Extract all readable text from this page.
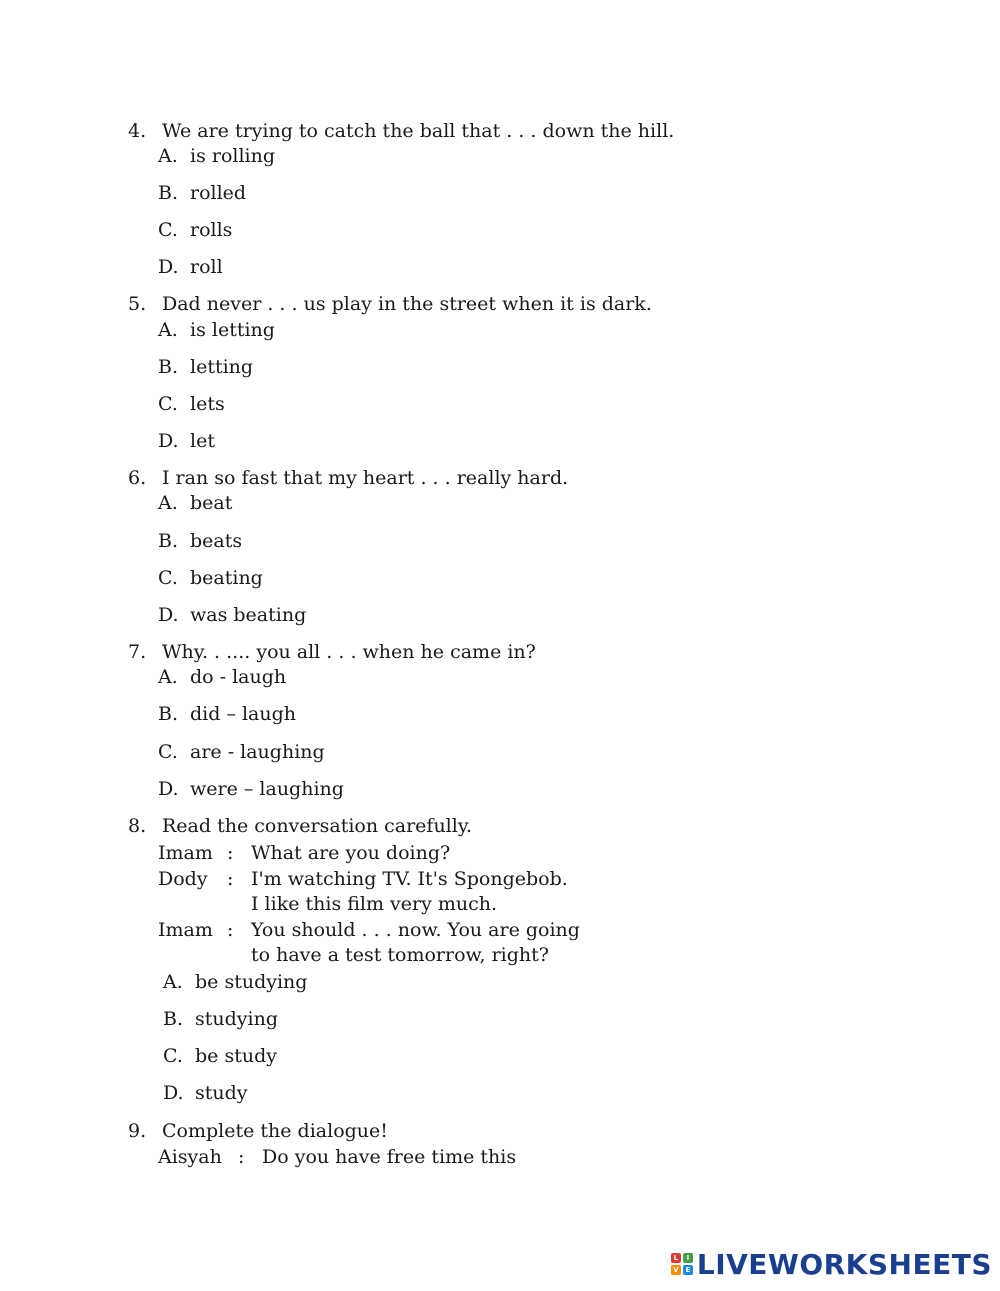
4. We are trying to catch the ball that . . . down the hill.
A. is rolling
B. rolled
C. rolls
D. roll
5. Dad never . . . us play in the street when it is dark.
A. is letting
B. letting
C. lets
D. let
6. I ran so fast that my heart . . . really hard.
A. beat
B. beats
C. beating
D. was beating
7. Why. . .... you all . . . when he came in?
A. do - laugh
B. did – laugh
C. are - laughing
D. were – laughing
8. Read the conversation carefully.
Imam : What are you doing?
Dody : I'm watching TV. It's Spongebob.
I like this film very much.
Imam : You should . . . now. You are going
to have a test tomorrow, right?
A. be studying
B. studying
C. be study
D. study
9. Complete the dialogue!
Aisyah : Do you have free time this
L	I
V E LIVEWORKSHEETS
